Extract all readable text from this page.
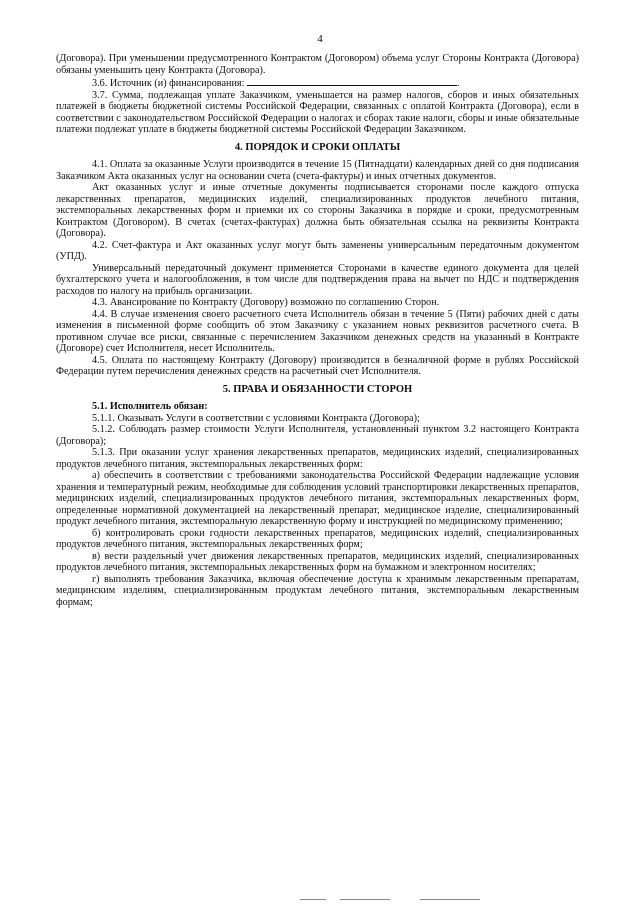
4

(Договора). При уменьшении предусмотренного Контрактом (Договором) объема услуг Стороны Контракта (Договора) обязаны уменьшить цену Контракта (Договора).

3.6. Источник (и) финансирования:	.

3.7. Сумма, подлежащая уплате Заказчиком, уменьшается на размер налогов, сборов и иных обязательных платежей в бюджеты бюджетной системы Российской Федерации, связанных с оплатой Контракта (Договора), если в соответствии с законодательством Российской Федерации о налогах и сборах такие налоги, сборы и иные обязательные платежи подлежат уплате в бюджеты бюджетной системы Российской Федерации Заказчиком.

4. ПОРЯДОК И СРОКИ ОПЛАТЫ

4.1. Оплата за оказанные Услуги производится в течение 15 (Пятнадцати) календарных дней со дня подписания Заказчиком Акта оказанных услуг на основании счета (счета-фактуры) и иных отчетных документов.

Акт оказанных услуг и иные отчетные документы подписывается сторонами после каждого отпуска лекарственных препаратов, медицинских изделий, специализированных продуктов лечебного питания, экстемпоральных лекарственных форм и приемки их со стороны Заказчика в порядке и сроки, предусмотренным Контрактом (Договором). В счетах (счетах-фактурах) должна быть обязательная ссылка на реквизиты Контракта (Договора).

4.2. Счет-фактура и Акт оказанных услуг могут быть заменены универсальным передаточным документом (УПД).

Универсальный передаточный документ применяется Сторонами в качестве единого документа для целей бухгалтерского учета и налогообложения, в том числе для подтверждения права на вычет по НДС и подтверждения расходов по налогу на прибыль организации.

4.3. Авансирование по Контракту (Договору) возможно по соглашению Сторон.

4.4. В случае изменения своего расчетного счета Исполнитель обязан в течение 5 (Пяти) рабочих дней с даты изменения в письменной форме сообщить об этом Заказчику с указанием новых реквизитов расчетного счета. В противном случае все риски, связанные с перечислением Заказчиком денежных средств на указанный в Контракте (Договоре) счет Исполнителя, несет Исполнитель.

4.5. Оплата по настоящему Контракту (Договору) производится в безналичной форме в рублях Российской Федерации путем перечисления денежных средств на расчетный счет Исполнителя.

5. ПРАВА И ОБЯЗАННОСТИ СТОРОН

5.1. Исполнитель обязан:

5.1.1. Оказывать Услуги в соответствии с условиями Контракта (Договора);

5.1.2. Соблюдать размер стоимости Услуги Исполнителя, установленный пунктом 3.2 настоящего Контракта (Договора);

5.1.3. При оказании услуг хранения лекарственных препаратов, медицинских изделий, специализированных продуктов лечебного питания, экстемпоральных лекарственных форм:

а) обеспечить в соответствии с требованиями законодательства Российской Федерации надлежащие условия хранения и температурный режим, необходимые для соблюдения условий транспортировки лекарственных препаратов, медицинских изделий, специализированных продуктов лечебного питания, экстемпоральных лекарственных форм, определенные нормативной документацией на лекарственный препарат, медицинское изделие, специализированный продукт лечебного питания, экстемпоральную лекарственную форму и инструкцией по медицинскому применению;

б) контролировать сроки годности лекарственных препаратов, медицинских изделий, специализированных продуктов лечебного питания, экстемпоральных лекарственных форм;

в) вести раздельный учет движения лекарственных препаратов, медицинских изделий, специализированных продуктов лечебного питания, экстемпоральных лекарственных форм на бумажном и электронном носителях;

г) выполнять требования Заказчика, включая обеспечение доступа к хранимым лекарственным препаратам, медицинским изделиям, специализированным продуктам лечебного питания, экстемпоральным лекарственным формам;
